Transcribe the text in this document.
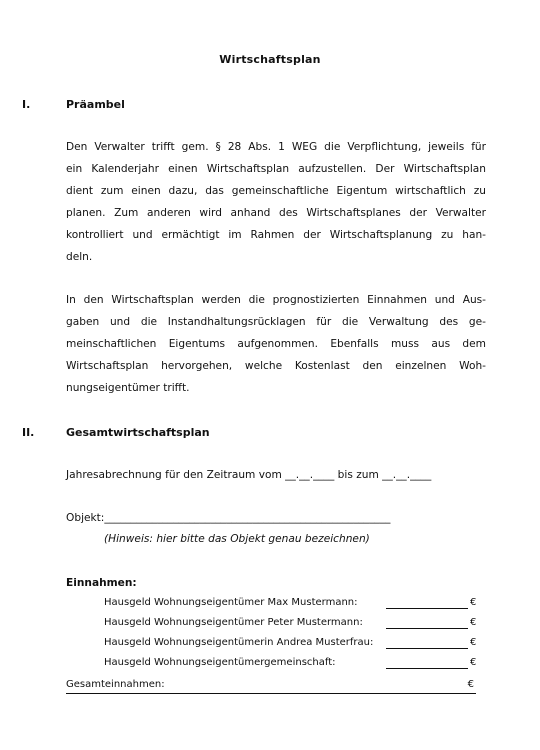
Wirtschaftsplan
I.	Präambel
Den Verwalter trifft gem. § 28 Abs. 1 WEG die Verpflichtung, jeweils für
ein Kalenderjahr einen Wirtschaftsplan aufzustellen. Der Wirtschaftsplan
dient zum einen dazu, das gemeinschaftliche Eigentum wirtschaftlich zu
planen. Zum anderen wird anhand des Wirtschaftsplanes der Verwalter
kontrolliert und ermächtigt im Rahmen der Wirtschaftsplanung zu han-
deln.
In den Wirtschaftsplan werden die prognostizierten Einnahmen und Aus-
gaben und die Instandhaltungsrücklagen für die Verwaltung des ge-
meinschaftlichen Eigentums aufgenommen. Ebenfalls muss aus dem
Wirtschaftsplan hervorgehen, welche Kostenlast den einzelnen Woh-
nungseigentümer trifft.
II.	Gesamtwirtschaftsplan
Jahresabrechnung für den Zeitraum vom __.__.____ bis zum __.__.____
Objekt:______________________________________________________
(Hinweis: hier bitte das Objekt genau bezeichnen)
Einnahmen:
Hausgeld Wohnungseigentümer Max Mustermann:	€
Hausgeld Wohnungseigentümer Peter Mustermann:	€
Hausgeld Wohnungseigentümerin Andrea Musterfrau:	€
Hausgeld Wohnungseigentümergemeinschaft:	€
Gesamteinnahmen:	€
